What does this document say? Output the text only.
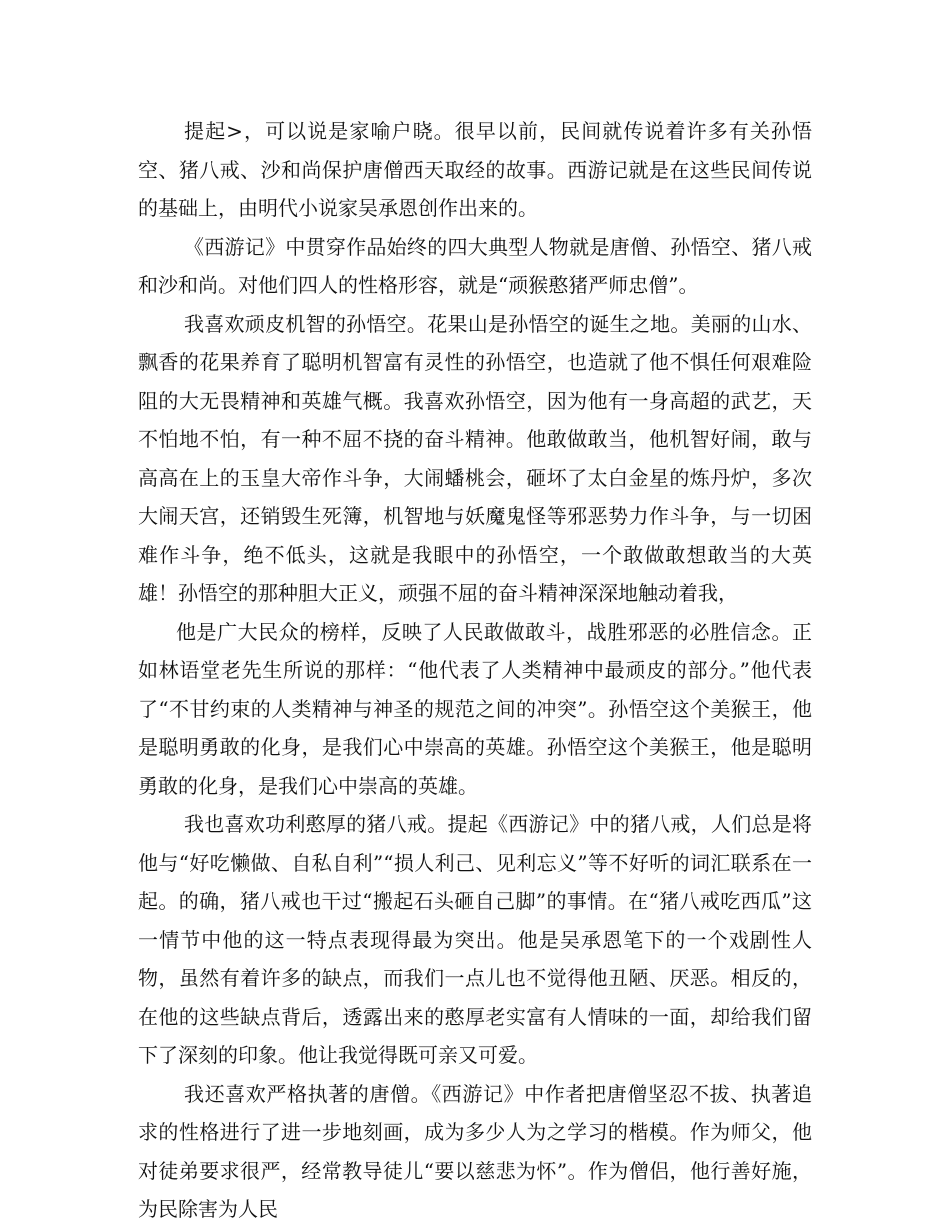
提起>，可以说是家喻户晓。很早以前，民间就传说着许多有关孙悟空、猪八戒、沙和尚保护唐僧西天取经的故事。西游记就是在这些民间传说的基础上，由明代小说家吴承恩创作出来的。

《西游记》中贯穿作品始终的四大典型人物就是唐僧、孙悟空、猪八戒和沙和尚。对他们四人的性格形容，就是“顽猴憨猪严师忠僧”。

我喜欢顽皮机智的孙悟空。花果山是孙悟空的诞生之地。美丽的山水、飘香的花果养育了聪明机智富有灵性的孙悟空，也造就了他不惧任何艰难险阻的大无畏精神和英雄气概。我喜欢孙悟空，因为他有一身高超的武艺，天不怕地不怕，有一种不屈不挠的奋斗精神。他敢做敢当，他机智好闹，敢与高高在上的玉皇大帝作斗争，大闹蟠桃会，砸坏了太白金星的炼丹炉，多次大闹天宫，还销毁生死簿，机智地与妖魔鬼怪等邪恶势力作斗争，与一切困难作斗争，绝不低头，这就是我眼中的孙悟空，一个敢做敢想敢当的大英雄！孙悟空的那种胆大正义，顽强不屈的奋斗精神深深地触动着我，

他是广大民众的榜样，反映了人民敢做敢斗，战胜邪恶的必胜信念。正如林语堂老先生所说的那样：“他代表了人类精神中最顽皮的部分。”他代表了“不甘约束的人类精神与神圣的规范之间的冲突”。孙悟空这个美猴王，他是聪明勇敢的化身，是我们心中崇高的英雄。孙悟空这个美猴王，他是聪明勇敢的化身，是我们心中崇高的英雄。

我也喜欢功利憨厚的猪八戒。提起《西游记》中的猪八戒，人们总是将他与“好吃懒做、自私自利”“损人利己、见利忘义”等不好听的词汇联系在一起。的确，猪八戒也干过“搬起石头砸自己脚”的事情。在“猪八戒吃西瓜”这一情节中他的这一特点表现得最为突出。他是吴承恩笔下的一个戏剧性人物，虽然有着许多的缺点，而我们一点儿也不觉得他丑陋、厌恶。相反的，在他的这些缺点背后，透露出来的憨厚老实富有人情味的一面，却给我们留下了深刻的印象。他让我觉得既可亲又可爱。

我还喜欢严格执著的唐僧。《西游记》中作者把唐僧坚忍不拔、执著追求的性格进行了进一步地刻画，成为多少人为之学习的楷模。作为师父，他对徒弟要求很严，经常教导徒儿“要以慈悲为怀”。作为僧侣，他行善好施，为民除害为人民
